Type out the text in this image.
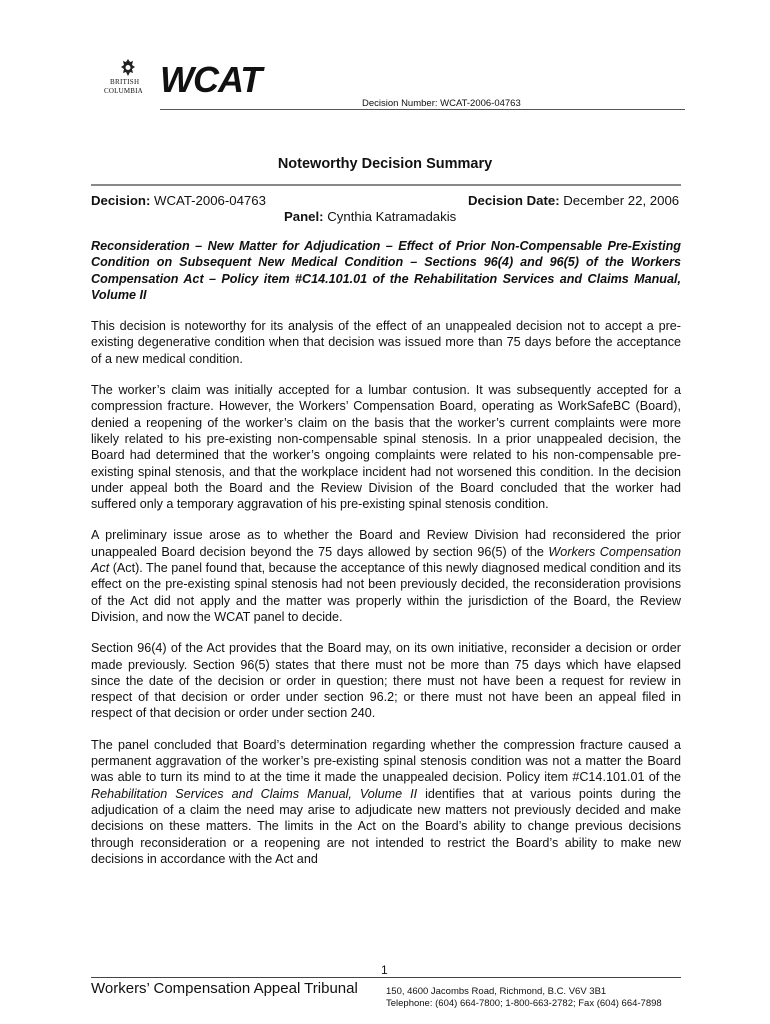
BRITISH
COLUMBIA WCAT
Decision Number: WCAT-2006-04763
Noteworthy Decision Summary
Decision: WCAT-2006-04763	Decision Date: December 22, 2006
Panel: Cynthia Katramadakis

Reconsideration – New Matter for Adjudication – Effect of Prior Non-Compensable Pre-Existing Condition on Subsequent New Medical Condition – Sections 96(4) and 96(5) of the Workers Compensation Act – Policy item #C14.101.01 of the Rehabilitation Services and Claims Manual, Volume II

This decision is noteworthy for its analysis of the effect of an unappealed decision not to accept a pre-existing degenerative condition when that decision was issued more than 75 days before the acceptance of a new medical condition.

The worker’s claim was initially accepted for a lumbar contusion. It was subsequently accepted for a compression fracture. However, the Workers’ Compensation Board, operating as WorkSafeBC (Board), denied a reopening of the worker’s claim on the basis that the worker’s current complaints were more likely related to his pre-existing non-compensable spinal stenosis. In a prior unappealed decision, the Board had determined that the worker’s ongoing complaints were related to his non-compensable pre-existing spinal stenosis, and that the workplace incident had not worsened this condition. In the decision under appeal both the Board and the Review Division of the Board concluded that the worker had suffered only a temporary aggravation of his pre-existing spinal stenosis condition.

A preliminary issue arose as to whether the Board and Review Division had reconsidered the prior unappealed Board decision beyond the 75 days allowed by section 96(5) of the Workers Compensation Act (Act). The panel found that, because the acceptance of this newly diagnosed medical condition and its effect on the pre-existing spinal stenosis had not been previously decided, the reconsideration provisions of the Act did not apply and the matter was properly within the jurisdiction of the Board, the Review Division, and now the WCAT panel to decide.

Section 96(4) of the Act provides that the Board may, on its own initiative, reconsider a decision or order made previously. Section 96(5) states that there must not be more than 75 days which have elapsed since the date of the decision or order in question; there must not have been a request for review in respect of that decision or order under section 96.2; or there must not have been an appeal filed in respect of that decision or order under section 240.

The panel concluded that Board’s determination regarding whether the compression fracture caused a permanent aggravation of the worker’s pre-existing spinal stenosis condition was not a matter the Board was able to turn its mind to at the time it made the unappealed decision. Policy item #C14.101.01 of the Rehabilitation Services and Claims Manual, Volume II identifies that at various points during the adjudication of a claim the need may arise to adjudicate new matters not previously decided and make decisions on these matters. The limits in the Act on the Board’s ability to change previous decisions through reconsideration or a reopening are not intended to restrict the Board’s ability to make new decisions in accordance with the Act and

1
Workers’ Compensation Appeal Tribunal	150, 4600 Jacombs Road, Richmond, B.C. V6V 3B1
Telephone: (604) 664-7800; 1-800-663-2782; Fax (604) 664-7898
